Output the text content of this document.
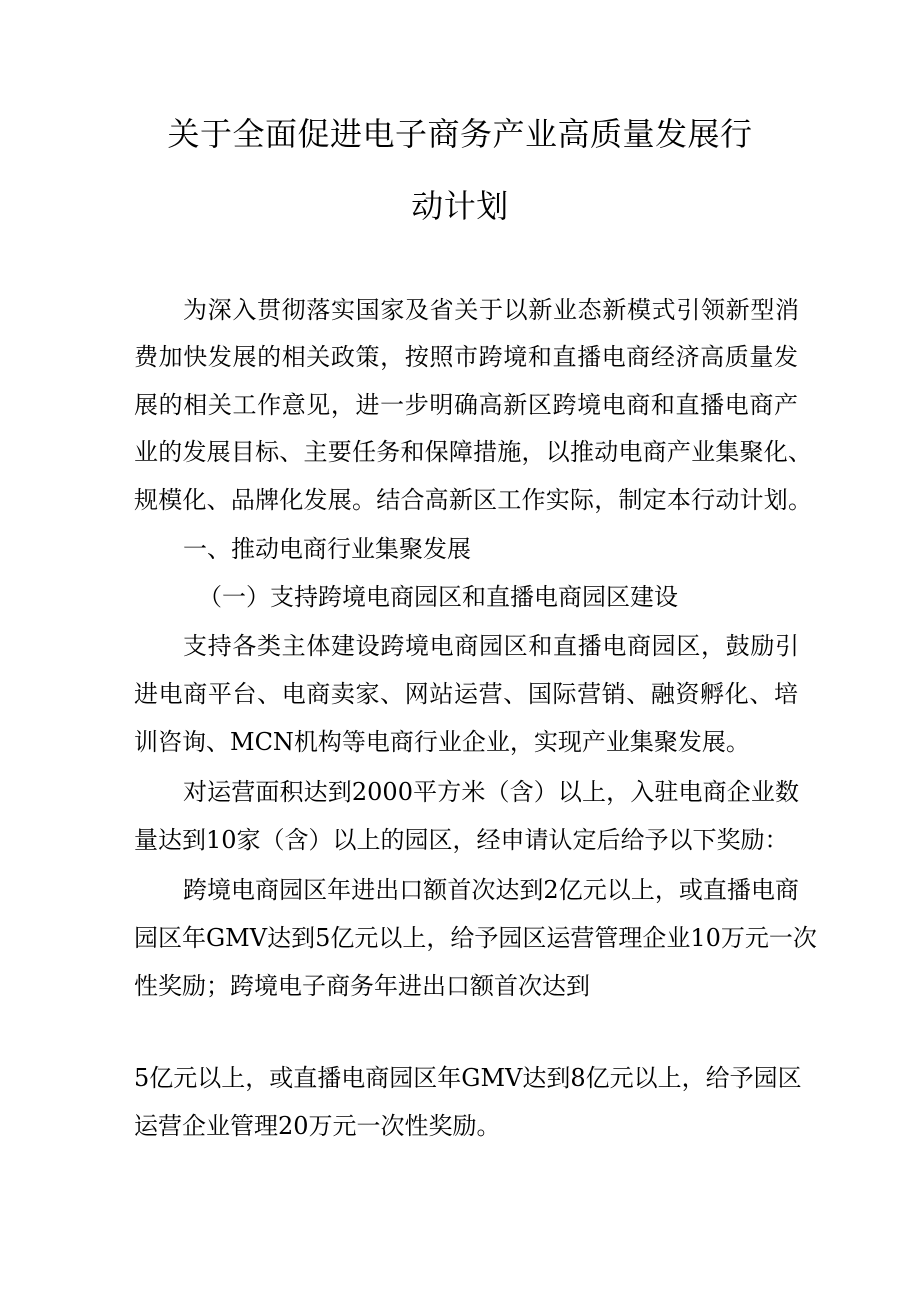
关于全面促进电子商务产业高质量发展行
动计划
为深入贯彻落实国家及省关于以新业态新模式引领新型消
费加快发展的相关政策，按照市跨境和直播电商经济高质量发
展的相关工作意见，进一步明确高新区跨境电商和直播电商产
业的发展目标、主要任务和保障措施，以推动电商产业集聚化、
规模化、品牌化发展。结合高新区工作实际，制定本行动计划。
一、推动电商行业集聚发展
（一）支持跨境电商园区和直播电商园区建设
支持各类主体建设跨境电商园区和直播电商园区，鼓励引
进电商平台、电商卖家、网站运营、国际营销、融资孵化、培
训咨询、MCN机构等电商行业企业，实现产业集聚发展。
对运营面积达到2000平方米（含）以上，入驻电商企业数
量达到10家（含）以上的园区，经申请认定后给予以下奖励：
跨境电商园区年进出口额首次达到2亿元以上，或直播电商
园区年GMV达到5亿元以上，给予园区运营管理企业10万元一次
性奖励；跨境电子商务年进出口额首次达到
5亿元以上，或直播电商园区年GMV达到8亿元以上，给予园区
运营企业管理20万元一次性奖励。
